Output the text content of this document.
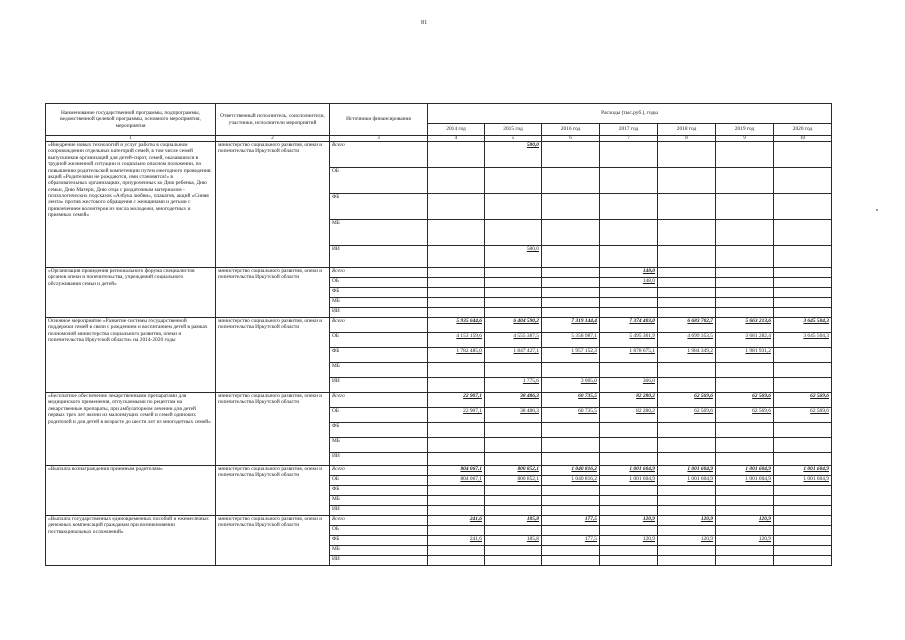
81
Наименование государственной программы, подпрограммы, ведомственной целевой программы, основного мероприятия, мероприятия	Ответственный исполнитель, соисполнители, участники, исполнители мероприятий	Источники финансирования	Расходы (тыс.руб.), годы						
			2014 год	2015 год	2016 год	2017 год	2018 год	2019 год	2020 год
1	2	3	4	5	6	7	8	9	10
«Внедрение новых технологий и услуг работы в социальном сопровождении отдельных категорий семей, в том числе семей выпускников организаций для детей-сирот, семей, оказавшихся в трудной жизненной ситуации и социально опасном положении, по повышению родительской компетенции путем ежегодного проведения: акций «Родителями не рождаются, ими становятся!» в образовательных организациях, приуроченных ко Дню ребенка, Дню семьи, Дню Матери, Дню отца с раздаточным материалом - психологических подсказок «Азбука любви», плакатов, акций «Синяя лента» против жестокого обращения с женщинами и детьми с привлечением волонтеров из числа молодежи, многодетных и приемных семей»	министерство социального развития, опеки и попечительства Иркутской области	Всего		580,0					
		ОБ							
		ФБ							
		МБ							
		ИИ		580,0					
«Организация проведения регионального форума специалистов органов опеки и попечительства, учреждений социального обслуживания семьи и детей»	министерство социального развития, опеки и попечительства Иркутской области	Всего				148,0			
		ОБ				148,0			
		ФБ							
		МБ							
		ИИ							
Основное мероприятие «Развитие системы государственной поддержки семей в связи с рождением и воспитанием детей в рамках полномочий министерства социального развития, опеки и попечительства Иркутской области» на 2014-2020 годы	министерство социального развития, опеки и попечительства Иркутской области	Всего	5 935 644,6	6 404 590,2	7 319 144,4	7 374 403,0	6 683 702,7	5 663 213,6	3 645 504,3
		ОБ	4 153 159,6	4 555 387,5	5 358 987,1	5 495 361,9	4 699 353,5	3 681 282,4	3 645 504,3
		ФБ	1 782 485,0	1 847 427,1	1 957 152,3	1 878 675,1	1 984 349,2	1 981 931,2	
		МБ							
		ИИ		1 775,6	3 005,0	366,0			
«Бесплатное обеспечение лекарственными препаратами для медицинского применения, отпускаемыми по рецептам на лекарственные препараты, при амбулаторном лечении для детей первых трех лет жизни из малоимущих семей и семей одиноких родителей и для детей в возрасте до шести лет из многодетных семей»	министерство социального развития, опеки и попечительства Иркутской области	Всего	22 907,1	38 486,3	60 735,5	82 280,2	62 569,6	62 569,6	62 569,6
		ОБ	22 907,1	38 486,3	60 735,5	82 280,2	62 569,6	62 569,6	62 569,6
		ФБ							
		МБ							
		ИИ							
«Выплата вознаграждения приемным родителям»	министерство социального развития, опеки и попечительства Иркутской области	Всего	804 067,1	800 852,1	1 040 816,2	1 001 604,9	1 001 604,9	1 001 604,9	1 001 604,9
		ОБ	804 067,1	800 852,1	1 040 816,2	1 001 604,9	1 001 604,9	1 001 604,9	1 001 604,9
		ФБ							
		МБ							
		ИИ							
«Выплата государственных единовременных пособий и ежемесячных денежных компенсаций гражданам при возникновении поствакцинальных осложнений»	министерство социального развития, опеки и попечительства Иркутской области	Всего	241,6	185,8	177,5	120,9	120,9	120,9	
		ОБ							
		ФБ	241,6	185,8	177,5	120,9	120,9	120,9	
		МБ							
		ИИ							
